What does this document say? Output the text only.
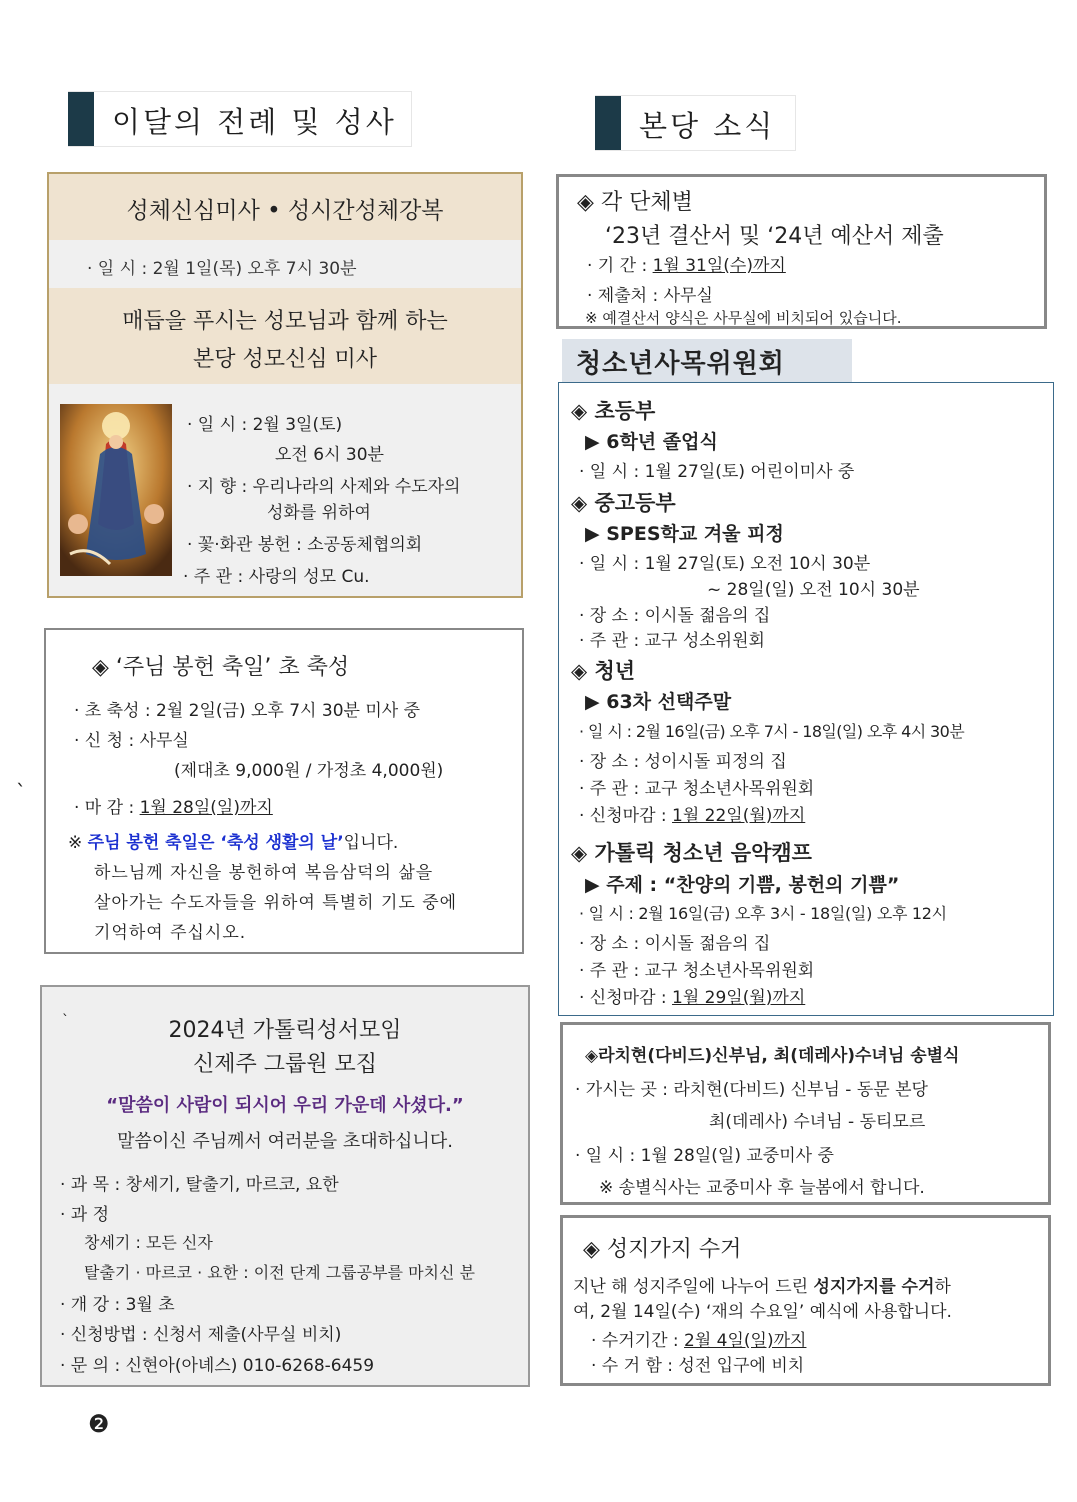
이달의 전례 및 성사
성체신심미사 • 성시간성체강복
· 일 시 : 2월 1일(목) 오후 7시 30분
매듭을 푸시는 성모님과 함께 하는
본당 성모신심 미사
· 일 시 : 2월 3일(토)
오전 6시 30분
· 지 향 : 우리나라의 사제와 수도자의
성화를 위하여
· 꽃·화관 봉헌 : 소공동체협의회
· 주 관 : 사랑의 성모 Cu.
◈ ‘주님 봉헌 축일’ 초 축성
· 초 축성 : 2월 2일(금) 오후 7시 30분 미사 중
· 신 청 : 사무실
(제대초 9,000원 / 가정초 4,000원)
· 마 감 : 1월 28일(일)까지
※ 주님 봉헌 축일은 ‘축성 생활의 날’입니다.
하느님께 자신을 봉헌하여 복음삼덕의 삶을
살아가는 수도자들을 위하여 특별히 기도 중에
기억하여 주십시오.
`
`	2024년 가톨릭성서모임
신제주 그룹원 모집
“말씀이 사람이 되시어 우리 가운데 사셨다.”
말씀이신 주님께서 여러분을 초대하십니다.
· 과 목 : 창세기, 탈출기, 마르코, 요한
· 과 정
창세기 : 모든 신자
탈출기 · 마르코 · 요한 : 이전 단계 그룹공부를 마치신 분
· 개 강 : 3월 초
· 신청방법 : 신청서 제출(사무실 비치)
· 문 의 : 신현아(아녜스) 010-6268-6459
❷
본당 소식
◈ 각 단체별
‘23년 결산서 및 ‘24년 예산서 제출
· 기 간 : 1월 31일(수)까지
· 제출처 : 사무실
※ 예결산서 양식은 사무실에 비치되어 있습니다.
청소년사목위원회
◈ 초등부
▶ 6학년 졸업식
· 일 시 : 1월 27일(토) 어린이미사 중
◈ 중고등부
▶ SPES학교 겨울 피정
· 일 시 : 1월 27일(토) 오전 10시 30분
~ 28일(일) 오전 10시 30분
· 장 소 : 이시돌 젊음의 집
· 주 관 : 교구 성소위원회
◈ 청년
▶ 63차 선택주말
· 일 시 : 2월 16일(금) 오후 7시 - 18일(일) 오후 4시 30분
· 장 소 : 성이시돌 피정의 집
· 주 관 : 교구 청소년사목위원회
· 신청마감 : 1월 22일(월)까지
◈ 가톨릭 청소년 음악캠프
▶ 주제 : “찬양의 기쁨, 봉헌의 기쁨”
· 일 시 : 2월 16일(금) 오후 3시 - 18일(일) 오후 12시
· 장 소 : 이시돌 젊음의 집
· 주 관 : 교구 청소년사목위원회
· 신청마감 : 1월 29일(월)까지
◈라치현(다비드)신부님, 최(데레사)수녀님 송별식
· 가시는 곳 : 라치현(다비드) 신부님 - 동문 본당
최(데레사) 수녀님 - 동티모르
· 일 시 : 1월 28일(일) 교중미사 중
※ 송별식사는 교중미사 후 늘봄에서 합니다.
◈ 성지가지 수거
지난 해 성지주일에 나누어 드린 성지가지를 수거하
여, 2월 14일(수) ‘재의 수요일’ 예식에 사용합니다.
· 수거기간 : 2월 4일(일)까지
· 수 거 함 : 성전 입구에 비치
